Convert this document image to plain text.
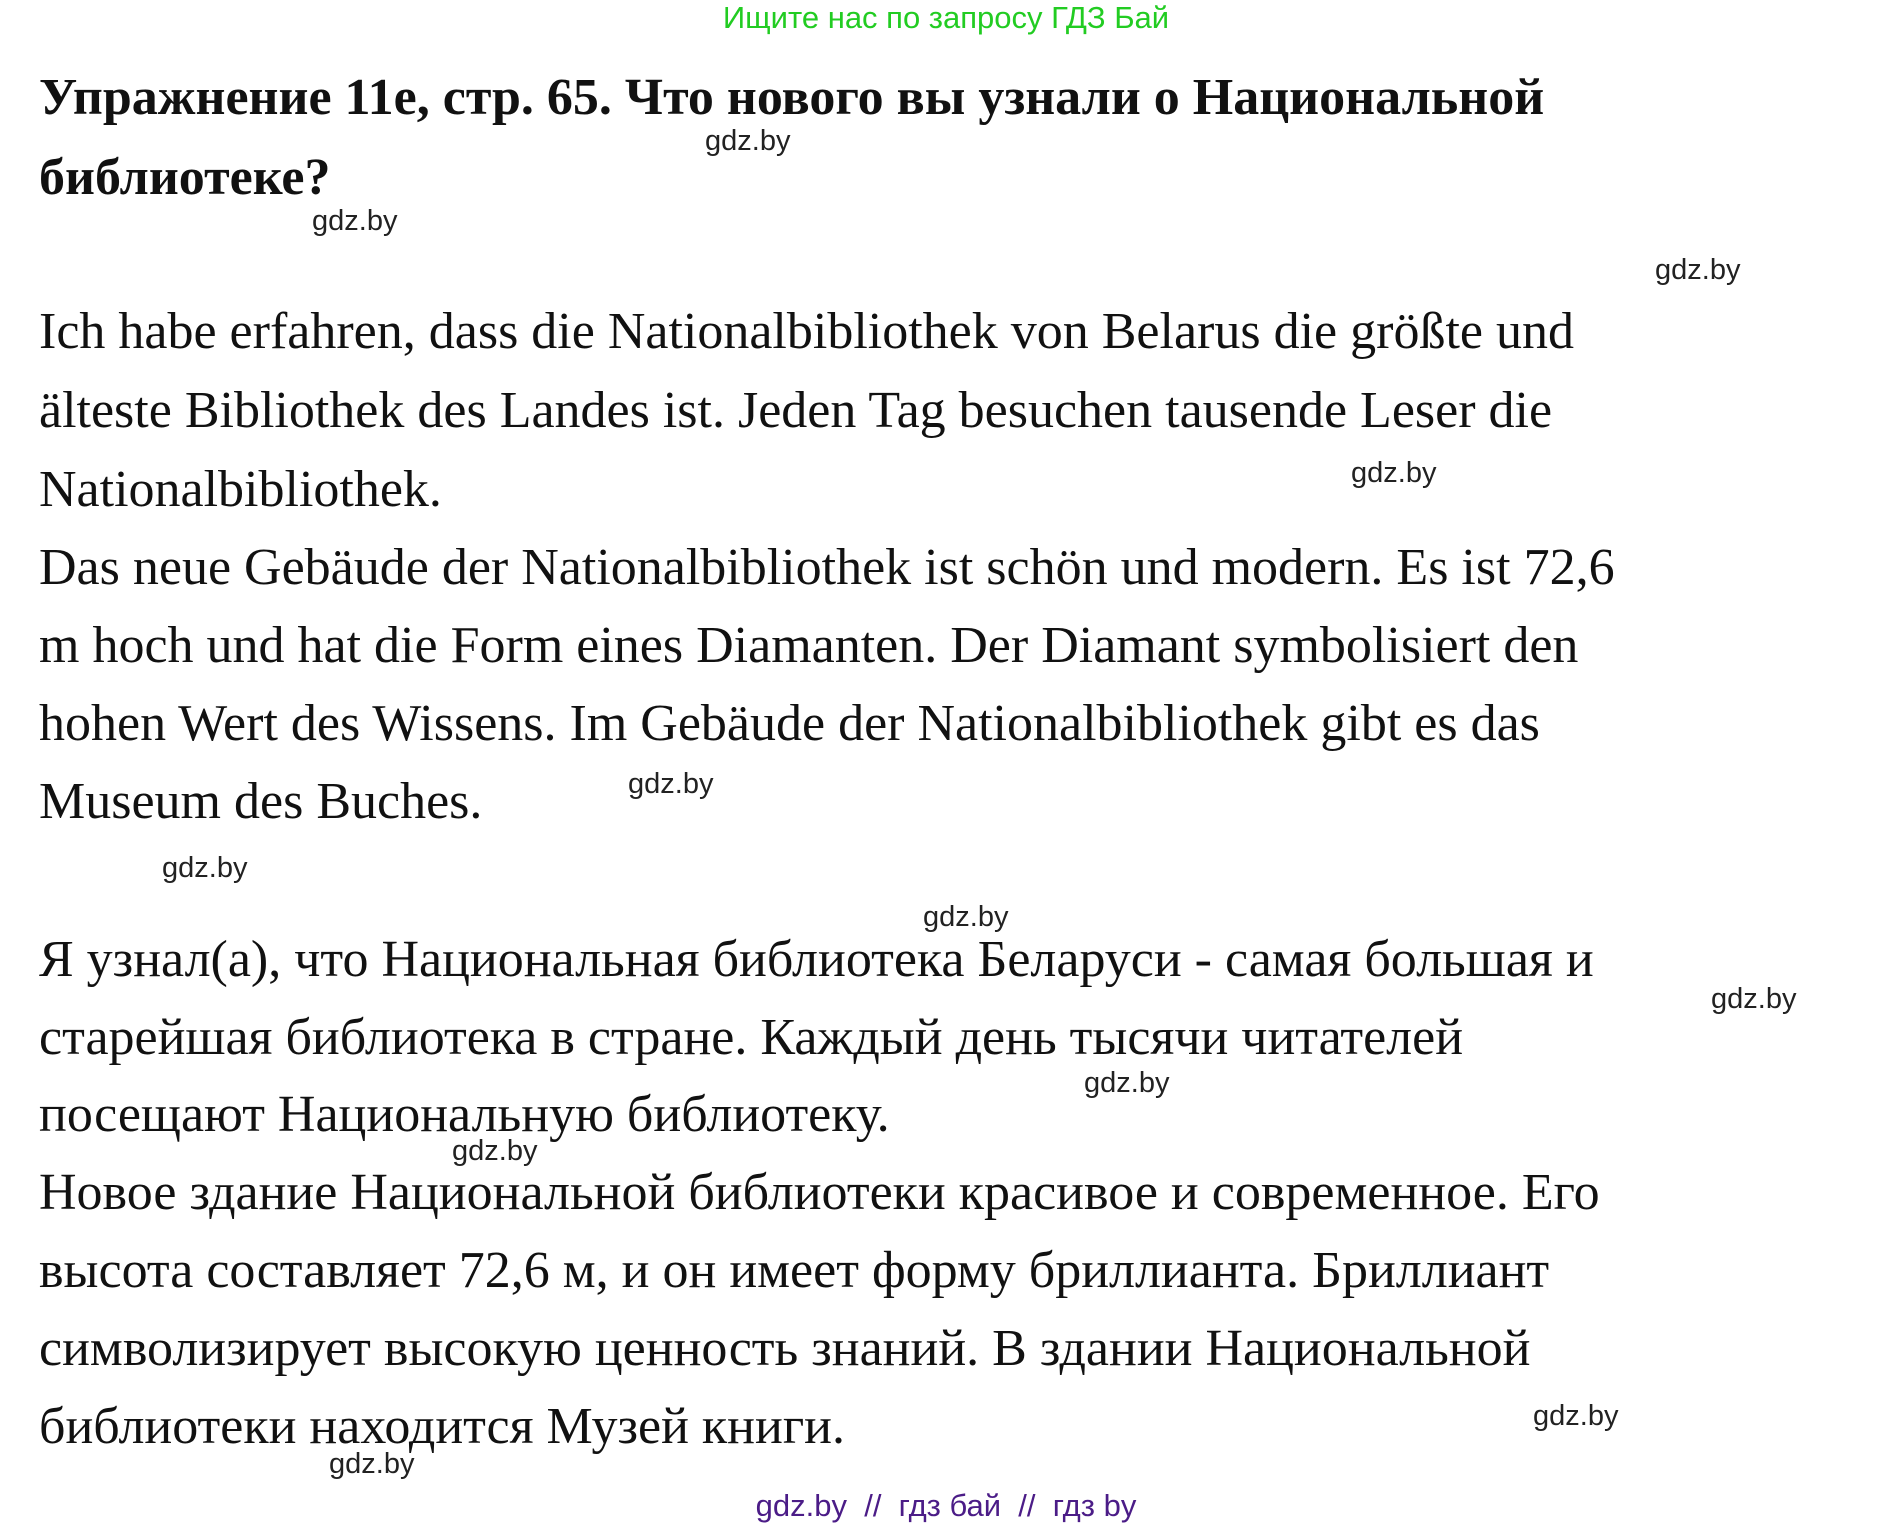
Ищите нас по запросу ГДЗ Бай
Упражнение 11e, стр. 65. Что нового вы узнали о Национальной
библиотеке?
Ich habe erfahren, dass die Nationalbibliothek von Belarus die größte und
älteste Bibliothek des Landes ist. Jeden Tag besuchen tausende Leser die
Nationalbibliothek.
Das neue Gebäude der Nationalbibliothek ist schön und modern. Es ist 72,6
m hoch und hat die Form eines Diamanten. Der Diamant symbolisiert den
hohen Wert des Wissens. Im Gebäude der Nationalbibliothek gibt es das
Museum des Buches.
Я узнал(а), что Национальная библиотека Беларуси - самая большая и
старейшая библиотека в стране. Каждый день тысячи читателей
посещают Национальную библиотеку.
Новое здание Национальной библиотеки красивое и современное. Его
высота составляет 72,6 м, и он имеет форму бриллианта. Бриллиант
символизирует высокую ценность знаний. В здании Национальной
библиотеки находится Музей книги.
gdz.by
gdz.by
gdz.by
gdz.by
gdz.by
gdz.by
gdz.by
gdz.by
gdz.by
gdz.by
gdz.by
gdz.by
gdz.by  //  гдз бай  //  гдз by
